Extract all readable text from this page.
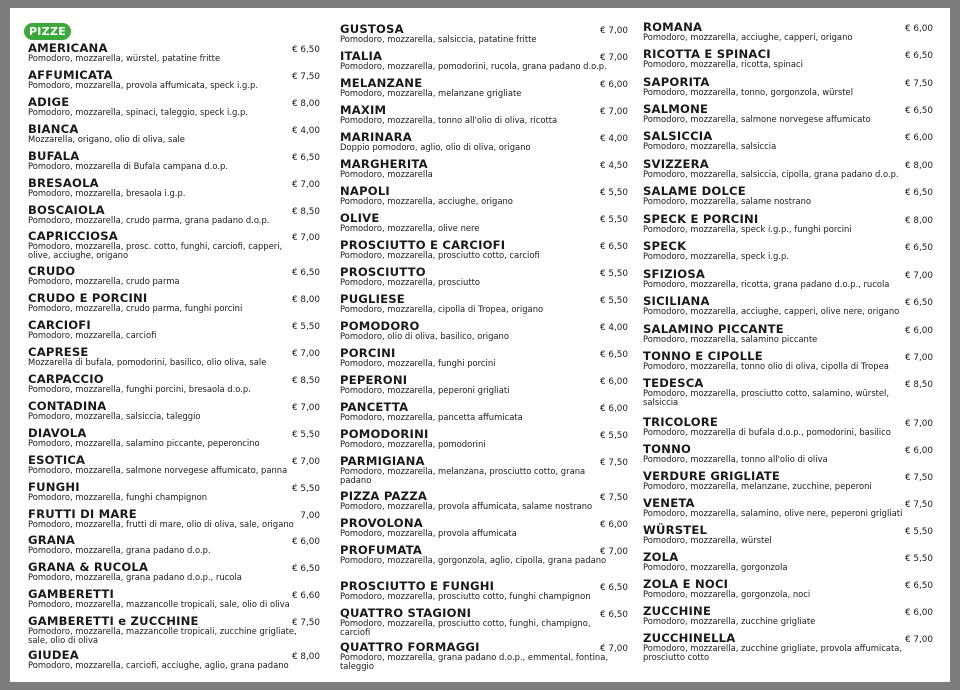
PIZZE
AMERICANA
Pomodoro, mozzarella, würstel, patatine fritte
€ 6,50
AFFUMICATA
Pomodoro, mozzarella, provola affumicata, speck i.g.p.
€ 7,50
ADIGE
Pomodoro, mozzarella, spinaci, taleggio, speck i.g.p.
€ 8,00
BIANCA
Mozzarella, origano, olio di oliva, sale
€ 4,00
BUFALA
Pomodoro, mozzarella di Bufala campana d.o.p.
€ 6,50
BRESAOLA
Pomodoro, mozzarella, bresaola i.g.p.
€ 7,00
BOSCAIOLA
Pomodoro, mozzarella, crudo parma, grana padano d.o.p.
€ 8,50
CAPRICCIOSA
Pomodoro, mozzarella, prosc. cotto, funghi, carciofi, capperi, olive, acciughe, origano
€ 7,00
CRUDO
Pomodoro, mozzarella, crudo parma
€ 6,50
CRUDO E PORCINI
Pomodoro, mozzarella, crudo parma, funghi porcini
€ 8,00
CARCIOFI
Pomodoro, mozzarella, carciofi
€ 5,50
CAPRESE
Mozzarella di bufala, pomodorini, basilico, olio oliva, sale
€ 7,00
CARPACCIO
Pomodoro, mozzarella, funghi porcini, bresaola d.o.p.
€ 8,50
CONTADINA
Pomodoro, mozzarella, salsiccia, taleggio
€ 7,00
DIAVOLA
Pomodoro, mozzarella, salamino piccante, peperoncino
€ 5,50
ESOTICA
Pomodoro, mozzarella, salmone norvegese affumicato, panna
€ 7,00
FUNGHI
Pomodoro, mozzarella, funghi champignon
€ 5,50
FRUTTI DI MARE
Pomodoro, mozzarella, frutti di mare, olio di oliva, sale, origano
7,00
GRANA
Pomodoro, mozzarella, grana padano d.o.p.
€ 6,00
GRANA & RUCOLA
Pomodoro, mozzarella, grana padano d.o.p., rucola
€ 6,50
GAMBERETTI
Pomodoro, mozzarella, mazzancolle tropicali, sale, olio di oliva
€ 6,60
GAMBERETTI e ZUCCHINE
Pomodoro, mozzarella, mazzancolle tropicali, zucchine grigliate, sale, olio di oliva
€ 7,50
GIUDEA
Pomodoro, mozzarella, carciofi, acciughe, aglio, grana padano
€ 8,00
GUSTOSA
Pomodoro, mozzarella, salsiccia, patatine fritte
€ 7,00
ITALIA
Pomodoro, mozzarella, pomodorini, rucola, grana padano d.o.p.
€ 7,00
MELANZANE
Pomodoro, mozzarella, melanzane grigliate
€ 6,00
MAXIM
Pomodoro, mozzarella, tonno all'olio di oliva, ricotta
€ 7,00
MARINARA
Doppio pomodoro, aglio, olio di oliva, origano
€ 4,00
MARGHERITA
Pomodoro, mozzarella
€ 4,50
NAPOLI
Pomodoro, mozzarella, acciughe, origano
€ 5,50
OLIVE
Pomodoro, mozzarella, olive nere
€ 5,50
PROSCIUTTO E CARCIOFI
Pomodoro, mozzarella, prosciutto cotto, carciofi
€ 6,50
PROSCIUTTO
Pomodoro, mozzarella, prosciutto
€ 5,50
PUGLIESE
Pomodoro, mozzarella, cipolla di Tropea, origano
€ 5,50
POMODORO
Pomodoro, olio di oliva, basilico, origano
€ 4,00
PORCINI
Pomodoro, mozzarella, funghi porcini
€ 6,50
PEPERONI
Pomodoro, mozzarella, peperoni grigliati
€ 6,00
PANCETTA
Pomodoro, mozzarella, pancetta affumicata
€ 6,00
POMODORINI
Pomodoro, mozzarella, pomodorini
€ 5,50
PARMIGIANA
Pomodoro, mozzarella, melanzana, prosciutto cotto, grana padano
€ 7,50
PIZZA PAZZA
Pomodoro, mozzarella, provola affumicata, salame nostrano
€ 7,50
PROVOLONA
Pomodoro, mozzarella, provola affumicata
€ 6,00
PROFUMATA
Pomodoro, mozzarella, gorgonzola, aglio, cipolla, grana padano
€ 7,00
PROSCIUTTO E FUNGHI
Pomodoro, mozzarella, prosciutto cotto, funghi champignon
€ 6,50
QUATTRO STAGIONI
Pomodoro, mozzarella, prosciutto cotto, funghi, champigno, carciofi
€ 6,50
QUATTRO FORMAGGI
Pomodoro, mozzarella, grana padano d.o.p., emmental, fontina, taleggio
€ 7,00
ROMANA
Pomodoro, mozzarella, acciughe, capperi, origano
€ 6,00
RICOTTA E SPINACI
Pomodoro, mozzarella, ricotta, spinaci
€ 6,50
SAPORITA
Pomodoro, mozzarella, tonno, gorgonzola, würstel
€ 7,50
SALMONE
Pomodoro, mozzarella, salmone norvegese affumicato
€ 6,50
SALSICCIA
Pomodoro, mozzarella, salsiccia
€ 6,00
SVIZZERA
Pomodoro, mozzarella, salsiccia, cipolla, grana padano d.o.p.
€ 8,00
SALAME DOLCE
Pomodoro, mozzarella, salame nostrano
€ 6,50
SPECK E PORCINI
Pomodoro, mozzarella, speck i.g.p., funghi porcini
€ 8,00
SPECK
Pomodoro, mozzarella, speck i.g.p.
€ 6,50
SFIZIOSA
Pomodoro, mozzarella, ricotta, grana padano d.o.p., rucola
€ 7,00
SICILIANA
Pomodoro, mozzarella, acciughe, capperi, olive nere, origano
€ 6,50
SALAMINO PICCANTE
Pomodoro, mozzarella, salamino piccante
€ 6,00
TONNO E CIPOLLE
Pomodoro, mozzarella, tonno olio di oliva, cipolla di Tropea
€ 7,00
TEDESCA
Pomodoro, mozzarella, prosciutto cotto, salamino, würstel, salsiccia
€ 8,50
TRICOLORE
Pomodoro, mozzarella di bufala d.o.p., pomodorini, basilico
€ 7,00
TONNO
Pomodoro, mozzarella, tonno all'olio di oliva
€ 6,00
VERDURE GRIGLIATE
Pomodoro, mozzarella, melanzane, zucchine, peperoni
€ 7,50
VENETA
Pomodoro, mozzarella, salamino, olive nere, peperoni grigliati
€ 7,50
WÜRSTEL
Pomodoro, mozzarella, würstel
€ 5,50
ZOLA
Pomodoro, mozzarella, gorgonzola
€ 5,50
ZOLA E NOCI
Pomodoro, mozzarella, gorgonzola, noci
€ 6,50
ZUCCHINE
Pomodoro, mozzarella, zucchine grigliate
€ 6,00
ZUCCHINELLA
Pomodoro, mozzarella, zucchine grigliate, provola affumicata, prosciutto cotto
€ 7,00
